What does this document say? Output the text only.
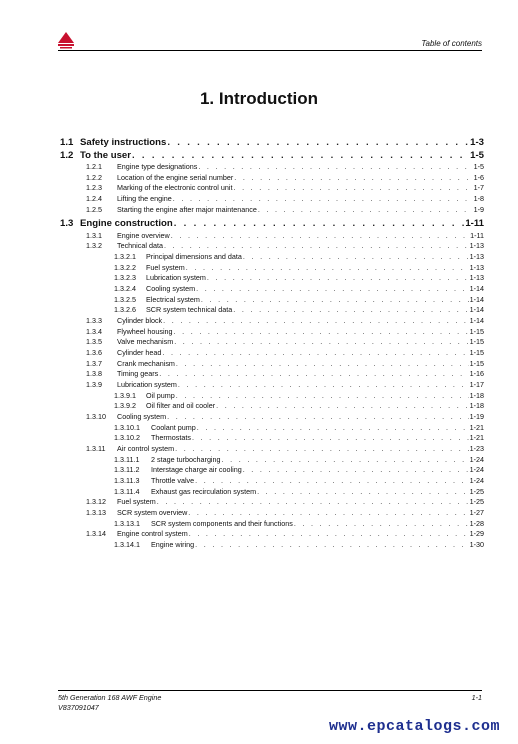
Table of contents
1. Introduction
1.1 Safety instructions . . .	1-3
1.2 To the user . . .	1-5
1.2.1	Engine type designations . . .	1-5
1.2.2	Location of the engine serial number . . .	1-6
1.2.3	Marking of the electronic control unit . . .	1-7
1.2.4	Lifting the engine . . .	1-8
1.2.5	Starting the engine after major maintenance . . .	1-9
1.3 Engine construction . . .	1-11
1.3.1	Engine overview . . .	1-11
1.3.2	Technical data . . .	1-13
1.3.2.1	Principal dimensions and data . . .	1-13
1.3.2.2	Fuel system . . .	1-13
1.3.2.3	Lubrication system . . .	1-13
1.3.2.4	Cooling system . . .	1-14
1.3.2.5	Electrical system . . .	1-14
1.3.2.6	SCR system technical data . . .	1-14
1.3.3	Cylinder block . . .	1-14
1.3.4	Flywheel housing . . .	1-15
1.3.5	Valve mechanism . . .	1-15
1.3.6	Cylinder head . . .	1-15
1.3.7	Crank mechanism . . .	1-15
1.3.8	Timing gears . . .	1-16
1.3.9	Lubrication system . . .	1-17
1.3.9.1	Oil pump . . .	1-18
1.3.9.2	Oil filter and oil cooler . . .	1-18
1.3.10	Cooling system . . .	1-19
1.3.10.1	Coolant pump . . .	1-21
1.3.10.2	Thermostats . . .	1-21
1.3.11	Air control system . . .	1-23
1.3.11.1	2 stage turbocharging . . .	1-24
1.3.11.2	Interstage charge air cooling . . .	1-24
1.3.11.3	Throttle valve . . .	1-24
1.3.11.4	Exhaust gas recirculation system . . .	1-25
1.3.12	Fuel system . . .	1-25
1.3.13	SCR system overview . . .	1-27
1.3.13.1	SCR system components and their functions . . .	1-28
1.3.14	Engine control system . . .	1-29
1.3.14.1	Engine wiring . . .	1-30
5th Generation 168 AWF Engine
V837091047
1-1
www.epcatalogs.com
